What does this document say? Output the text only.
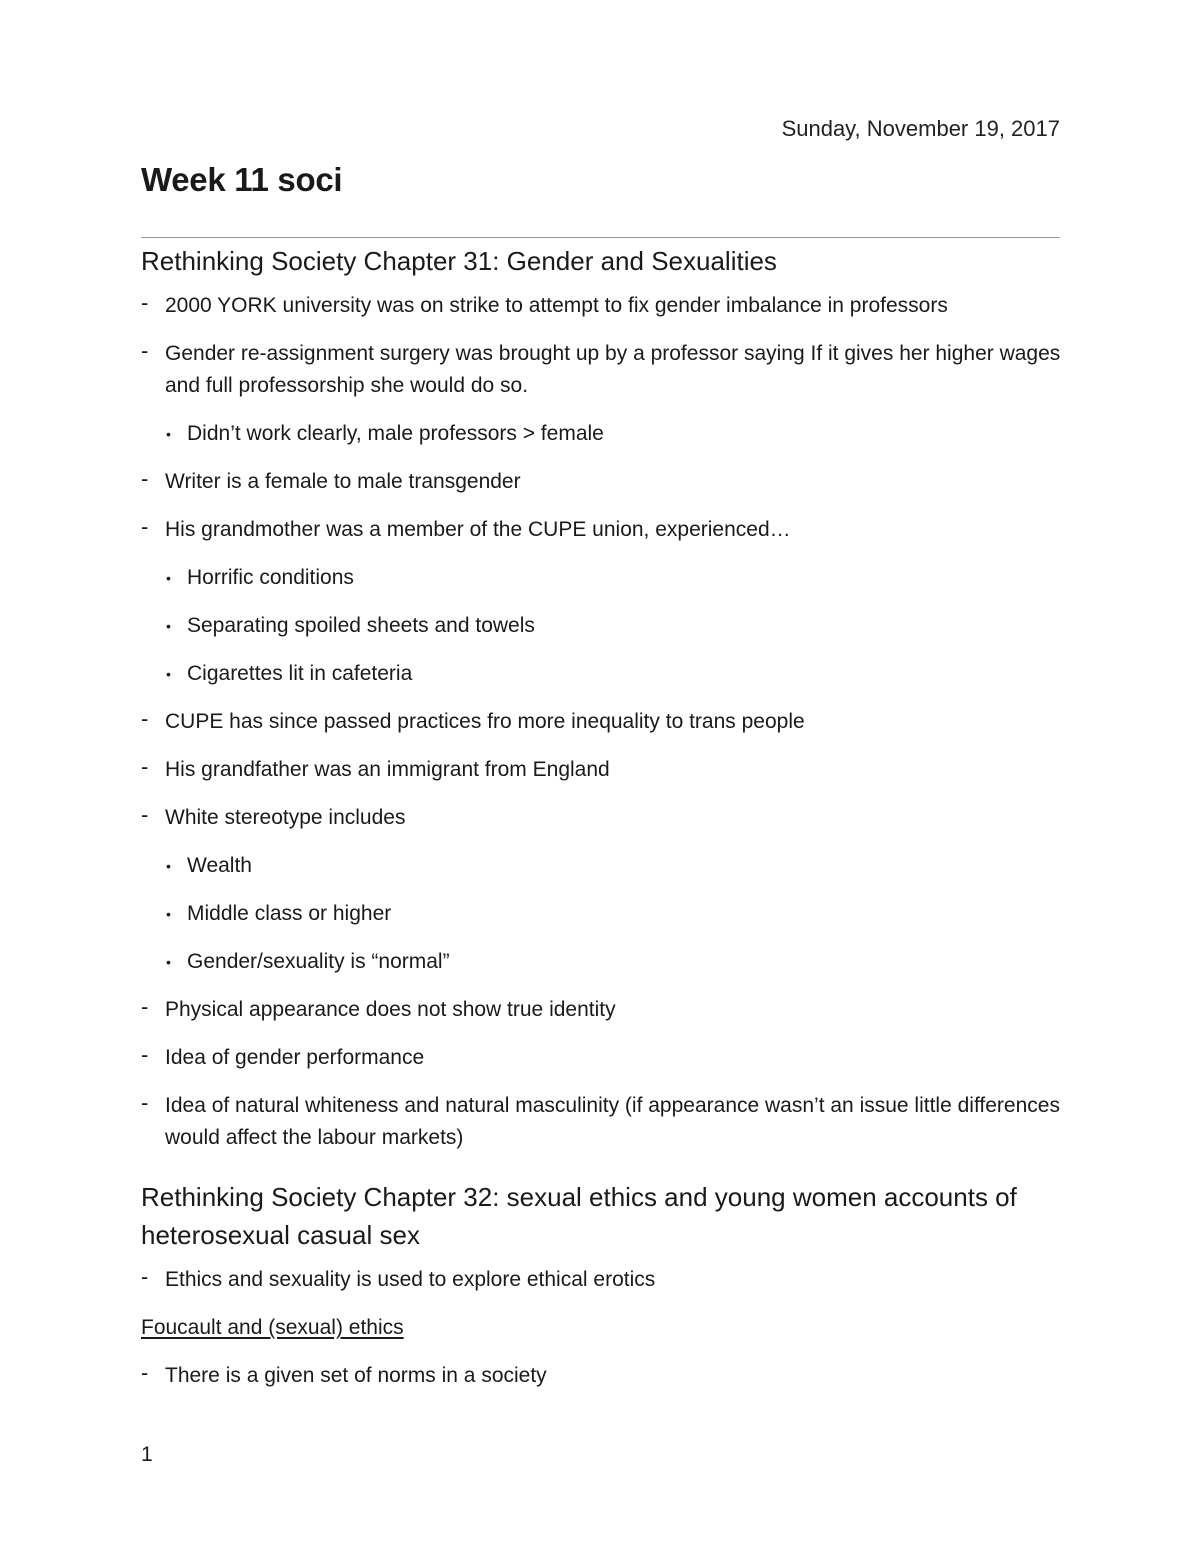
Sunday, November 19, 2017
Week 11 soci
Rethinking Society Chapter 31: Gender and Sexualities
- 2000 YORK university was on strike to attempt to fix gender imbalance in professors
- Gender re-assignment surgery was brought up by a professor saying If it gives her higher wages and full professorship she would do so.
• Didn’t work clearly, male professors > female
- Writer is a female to male transgender
- His grandmother was a member of the CUPE union, experienced…
• Horrific conditions
• Separating spoiled sheets and towels
• Cigarettes lit in cafeteria
- CUPE has since passed practices fro more inequality to trans people
- His grandfather was an immigrant from England
- White stereotype includes
• Wealth
• Middle class or higher
• Gender/sexuality is “normal”
- Physical appearance does not show true identity
- Idea of gender performance
- Idea of natural whiteness and natural masculinity (if appearance wasn’t an issue little differences would affect the labour markets)
Rethinking Society Chapter 32: sexual ethics and young women accounts of heterosexual casual sex
- Ethics and sexuality is used to explore ethical erotics
Foucault and (sexual) ethics
- There is a given set of norms in a society
1
